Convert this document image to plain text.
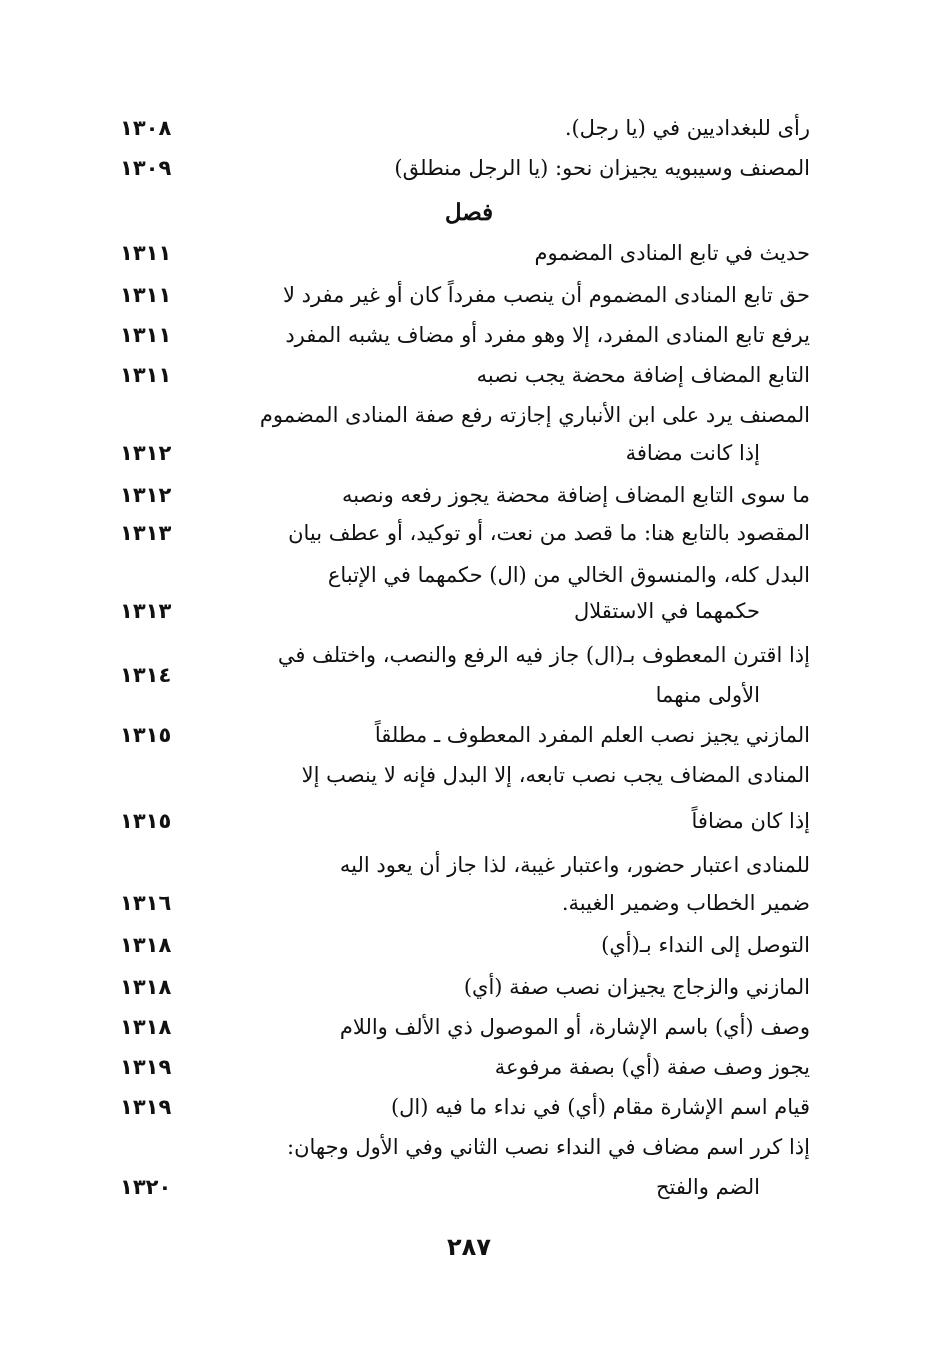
رأى للبغداديين في (يا رجل).
١٣٠٨
المصنف وسيبويه يجيزان نحو: (يا الرجل منطلق)
١٣٠٩
فصل
حديث في تابع المنادى المضموم
١٣١١
حق تابع المنادى المضموم أن ينصب مفرداً كان أو غير مفرد لا
١٣١١
يرفع تابع المنادى المفرد، إلا وهو مفرد أو مضاف يشبه المفرد
١٣١١
التابع المضاف إضافة محضة يجب نصبه
١٣١١
المصنف يرد على ابن الأنباري إجازته رفع صفة المنادى المضموم
إذا كانت مضافة
١٣١٢
ما سوى التابع المضاف إضافة محضة يجوز رفعه ونصبه
١٣١٢
المقصود بالتابع هنا: ما قصد من نعت، أو توكيد، أو عطف بيان
١٣١٣
البدل كله، والمنسوق الخالي من (ال) حكمهما في الإتباع
حكمهما في الاستقلال
١٣١٣
إذا اقترن المعطوف بـ(ال) جاز فيه الرفع والنصب، واختلف في
١٣١٤
الأولى منهما
المازني يجيز نصب العلم المفرد المعطوف ـ مطلقاً
١٣١٥
المنادى المضاف يجب نصب تابعه، إلا البدل فإنه لا ينصب إلا
إذا كان مضافاً
١٣١٥
للمنادى اعتبار حضور، واعتبار غيبة، لذا جاز أن يعود اليه
ضمير الخطاب وضمير الغيبة.
١٣١٦
التوصل إلى النداء بـ(أي)
١٣١٨
المازني والزجاج يجيزان نصب صفة (أي)
١٣١٨
وصف (أي) باسم الإشارة، أو الموصول ذي الألف واللام
١٣١٨
يجوز وصف صفة (أي) بصفة مرفوعة
١٣١٩
قيام اسم الإشارة مقام (أي) في نداء ما فيه (ال)
١٣١٩
إذا كرر اسم مضاف في النداء نصب الثاني وفي الأول وجهان:
الضم والفتح
١٣٢٠
٢٨٧
